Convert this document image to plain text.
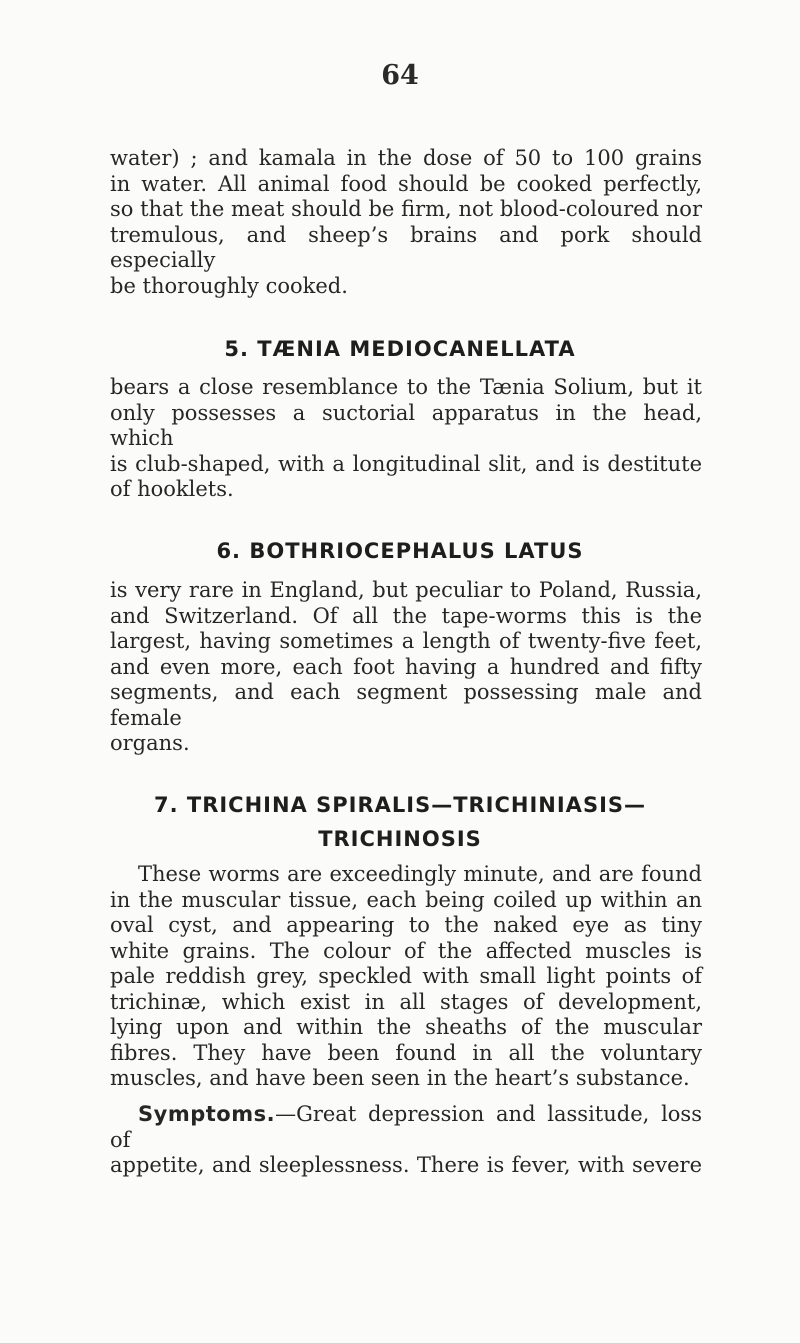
64
water) ; and kamala in the dose of 50 to 100 grains
in water. All animal food should be cooked perfectly,
so that the meat should be firm, not blood-coloured nor
tremulous, and sheep’s brains and pork should especially
be thoroughly cooked.
5. TÆNIA MEDIOCANELLATA
bears a close resemblance to the Tænia Solium, but it
only possesses a suctorial apparatus in the head, which
is club-shaped, with a longitudinal slit, and is destitute
of hooklets.
6. BOTHRIOCEPHALUS LATUS
is very rare in England, but peculiar to Poland, Russia,
and Switzerland. Of all the tape-worms this is the
largest, having sometimes a length of twenty-five feet,
and even more, each foot having a hundred and fifty
segments, and each segment possessing male and female
organs.
7. TRICHINA SPIRALIS—TRICHINIASIS—
TRICHINOSIS
These worms are exceedingly minute, and are found
in the muscular tissue, each being coiled up within an
oval cyst, and appearing to the naked eye as tiny
white grains. The colour of the affected muscles is
pale reddish grey, speckled with small light points of
trichinæ, which exist in all stages of development,
lying upon and within the sheaths of the muscular
fibres. They have been found in all the voluntary
muscles, and have been seen in the heart’s substance.
Symptoms.—Great depression and lassitude, loss of
appetite, and sleeplessness. There is fever, with severe
